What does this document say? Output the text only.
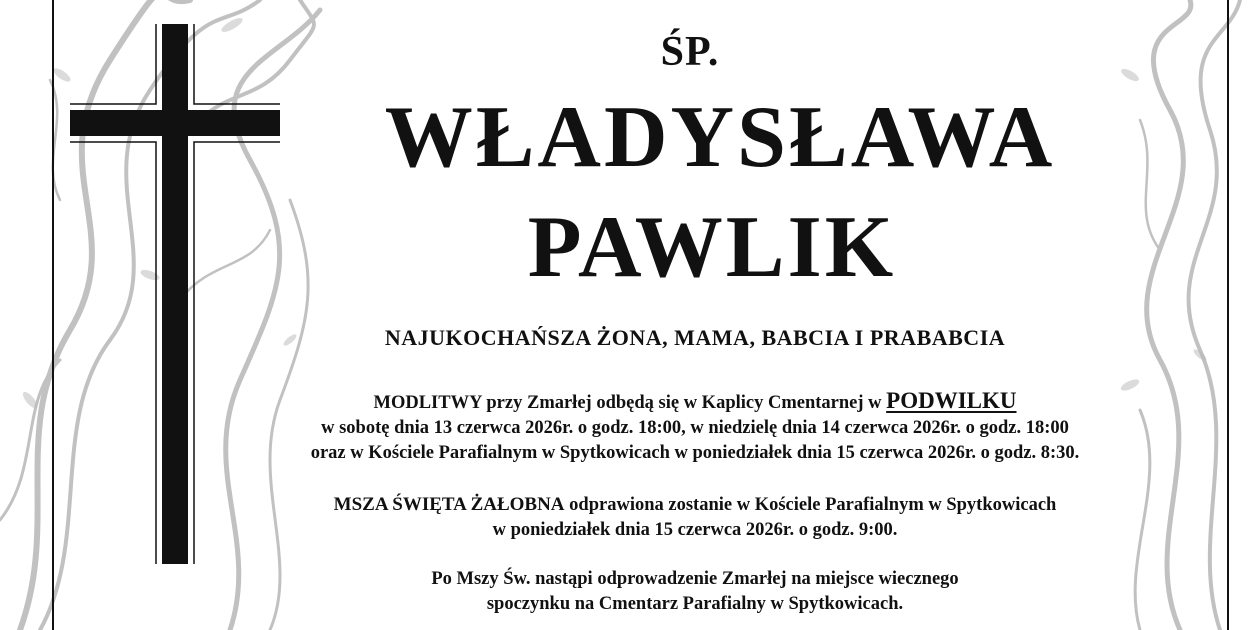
ŚP.
WŁADYSŁAWA
PAWLIK
NAJUKOCHAŃSZA ŻONA, MAMA, BABCIA I PRABABCIA
MODLITWY przy Zmarłej odbędą się w Kaplicy Cmentarnej w PODWILKU
w sobotę dnia 13 czerwca 2026r. o godz. 18:00, w niedzielę dnia 14 czerwca 2026r. o godz. 18:00
oraz w Kościele Parafialnym w Spytkowicach w poniedziałek dnia 15 czerwca 2026r. o godz. 8:30.
MSZA ŚWIĘTA ŻAŁOBNA odprawiona zostanie w Kościele Parafialnym w Spytkowicach
w poniedziałek dnia 15 czerwca 2026r. o godz. 9:00.
Po Mszy Św. nastąpi odprowadzenie Zmarłej na miejsce wiecznego
spoczynku na Cmentarz Parafialny w Spytkowicach.
